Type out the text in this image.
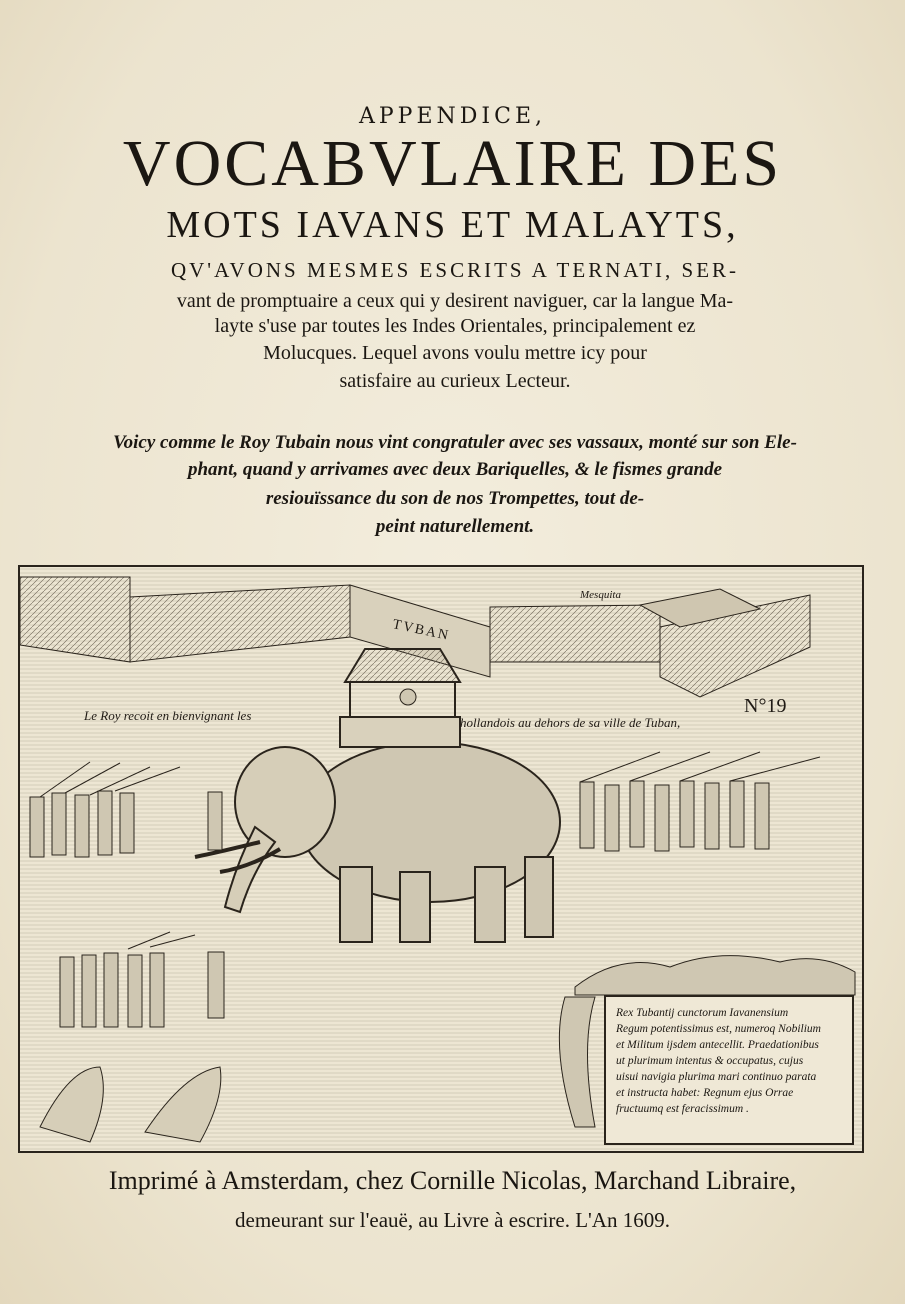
APPENDICE,
VOCABVLAIRE DES
MOTS IAVANS ET MALAYTS,
QV'AVONS MESMES ESCRITS A TERNATI, SER-
vant de promptuaire a ceux qui y desirent naviguer, car la langue Ma-
layte s'use par toutes les Indes Orientales, principalement ez
Molucques. Lequel avons voulu mettre icy pour
satisfaire au curieux Lecteur.
Voicy comme le Roy Tubain nous vint congratuler avec ses vassaux, monté sur son Ele-
phant, quand y arrivames avec deux Bariquelles, & le fismes grande
resiouïssance du son de nos Trompettes, tout de-
peint naturellement.
TVBAN
Mesquita
N°19
Le Roy recoit en bienvignant les	hollandois au dehors de sa ville de Tuban,
Rex Tubantij cunctorum Iavanensium
Regum potentissimus est, numeroq Nobilium
et Militum ijsdem antecellit. Praedationibus
ut plurimum intentus & occupatus, cujus
uisui navigia plurima mari continuo parata
et instructa habet: Regnum ejus Orrae
fructuumq est feracissimum .
Imprimé à Amsterdam, chez Cornille Nicolas, Marchand Libraire,
demeurant sur l'eauë, au Livre à escrire. L'An 1609.
